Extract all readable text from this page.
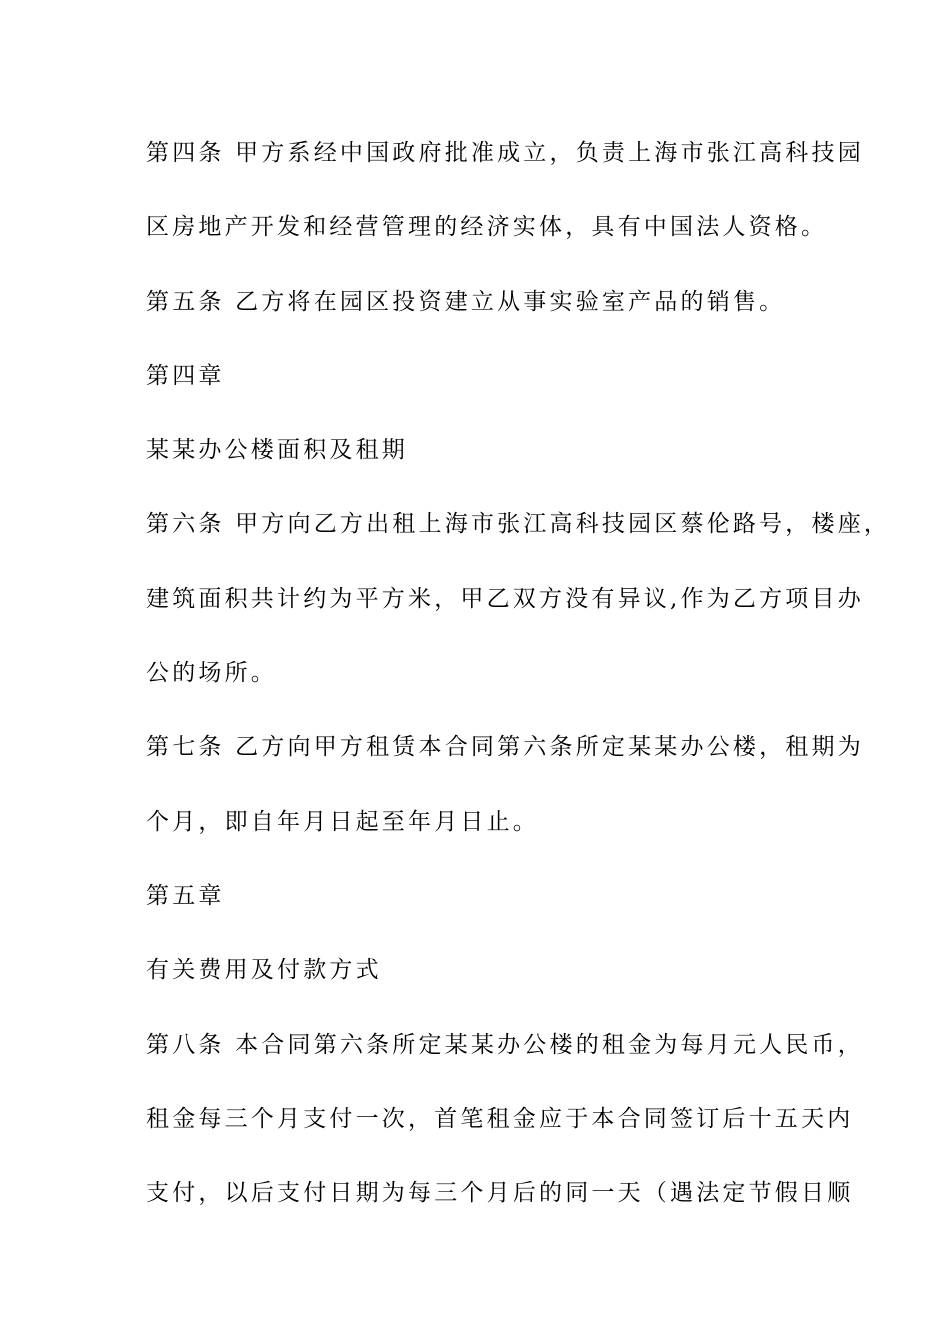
第四条 甲方系经中国政府批准成立，负责上海市张江高科技园
区房地产开发和经营管理的经济实体，具有中国法人资格。
第五条 乙方将在园区投资建立从事实验室产品的销售。
第四章
某某办公楼面积及租期
第六条 甲方向乙方出租上海市张江高科技园区蔡伦路号，楼座，
建筑面积共计约为平方米，甲乙双方没有异议,作为乙方项目办
公的场所。
第七条 乙方向甲方租赁本合同第六条所定某某办公楼，租期为
个月，即自年月日起至年月日止。
第五章
有关费用及付款方式
第八条 本合同第六条所定某某办公楼的租金为每月元人民币，
租金每三个月支付一次，首笔租金应于本合同签订后十五天内
支付，以后支付日期为每三个月后的同一天（遇法定节假日顺
